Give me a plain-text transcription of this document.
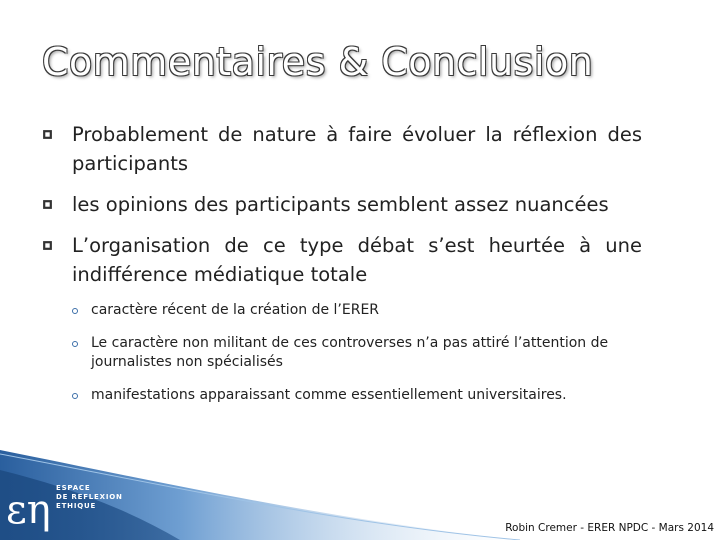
Commentaires & Conclusion
Probablement de nature à faire évoluer la réflexion des participants
les opinions des participants semblent assez nuancées
L’organisation de ce type débat s’est heurtée à une indifférence médiatique totale
caractère récent de la création de l’ERER
Le caractère non militant de ces controverses n’a pas attiré l’attention de journalistes non spécialisés
manifestations apparaissant comme essentiellement universitaires.
εη ESPACE
DE REFLEXION
ETHIQUE
Robin Cremer - ERER NPDC - Mars 2014
